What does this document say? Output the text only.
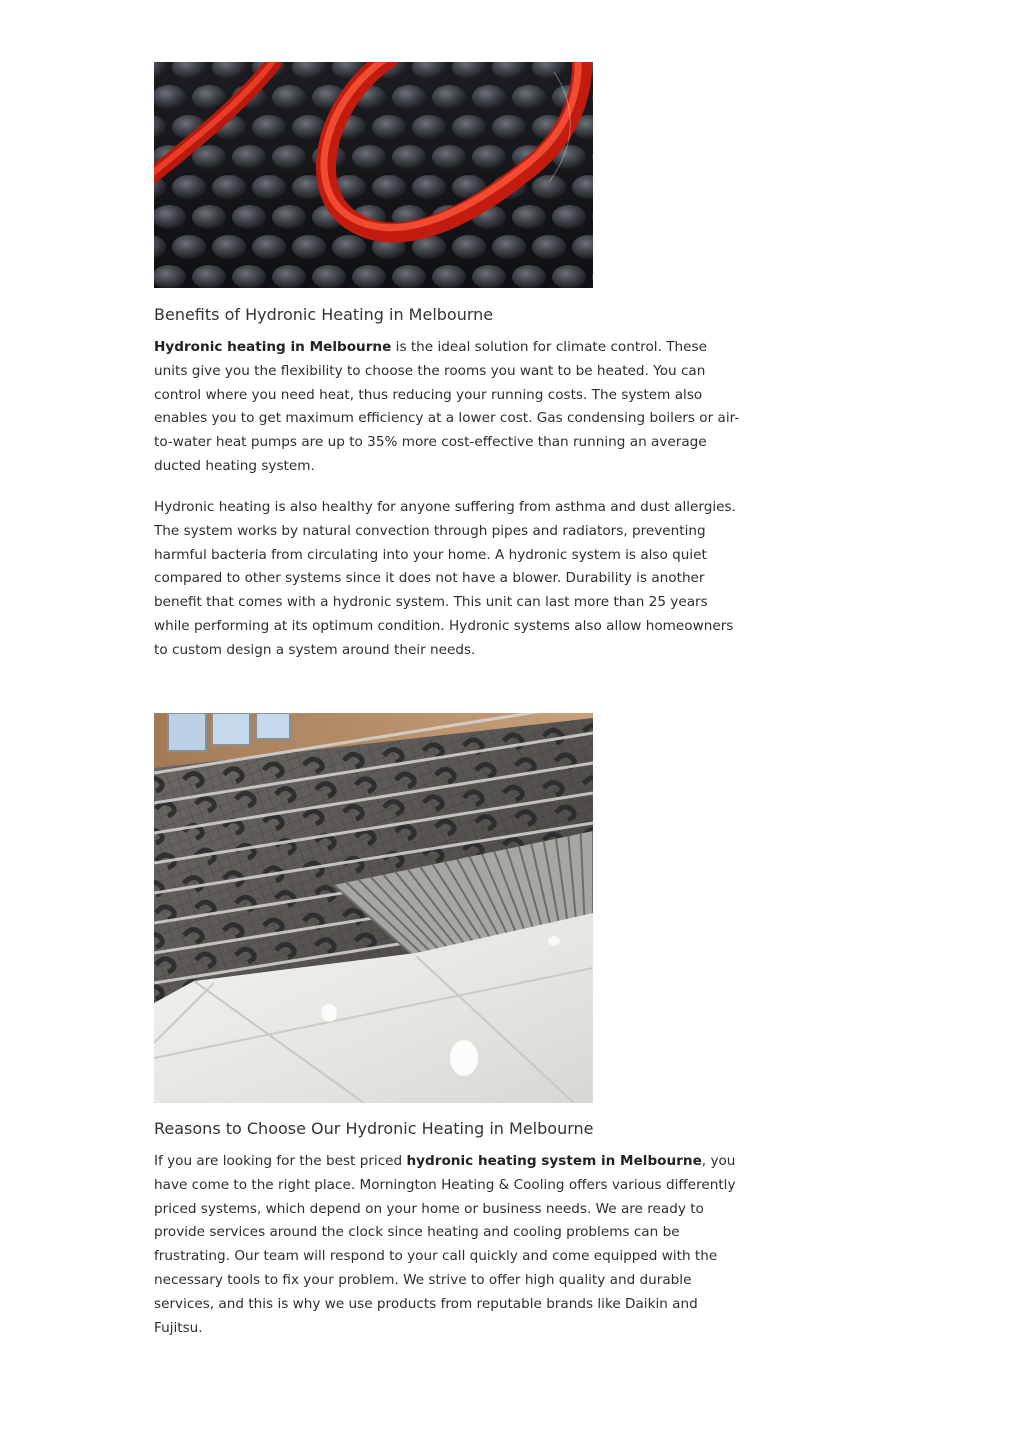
Benefits of Hydronic Heating in Melbourne

Hydronic heating in Melbourne is the ideal solution for climate control. These units give you the flexibility to choose the rooms you want to be heated. You can control where you need heat, thus reducing your running costs. The system also enables you to get maximum efficiency at a lower cost. Gas condensing boilers or air-to-water heat pumps are up to 35% more cost-effective than running an average ducted heating system.

Hydronic heating is also healthy for anyone suffering from asthma and dust allergies. The system works by natural convection through pipes and radiators, preventing harmful bacteria from circulating into your home. A hydronic system is also quiet compared to other systems since it does not have a blower. Durability is another benefit that comes with a hydronic system. This unit can last more than 25 years while performing at its optimum condition. Hydronic systems also allow homeowners to custom design a system around their needs.

Reasons to Choose Our Hydronic Heating in Melbourne

If you are looking for the best priced hydronic heating system in Melbourne, you have come to the right place. Mornington Heating & Cooling offers various differently priced systems, which depend on your home or business needs. We are ready to provide services around the clock since heating and cooling problems can be frustrating. Our team will respond to your call quickly and come equipped with the necessary tools to fix your problem. We strive to offer high quality and durable services, and this is why we use products from reputable brands like Daikin and Fujitsu.
